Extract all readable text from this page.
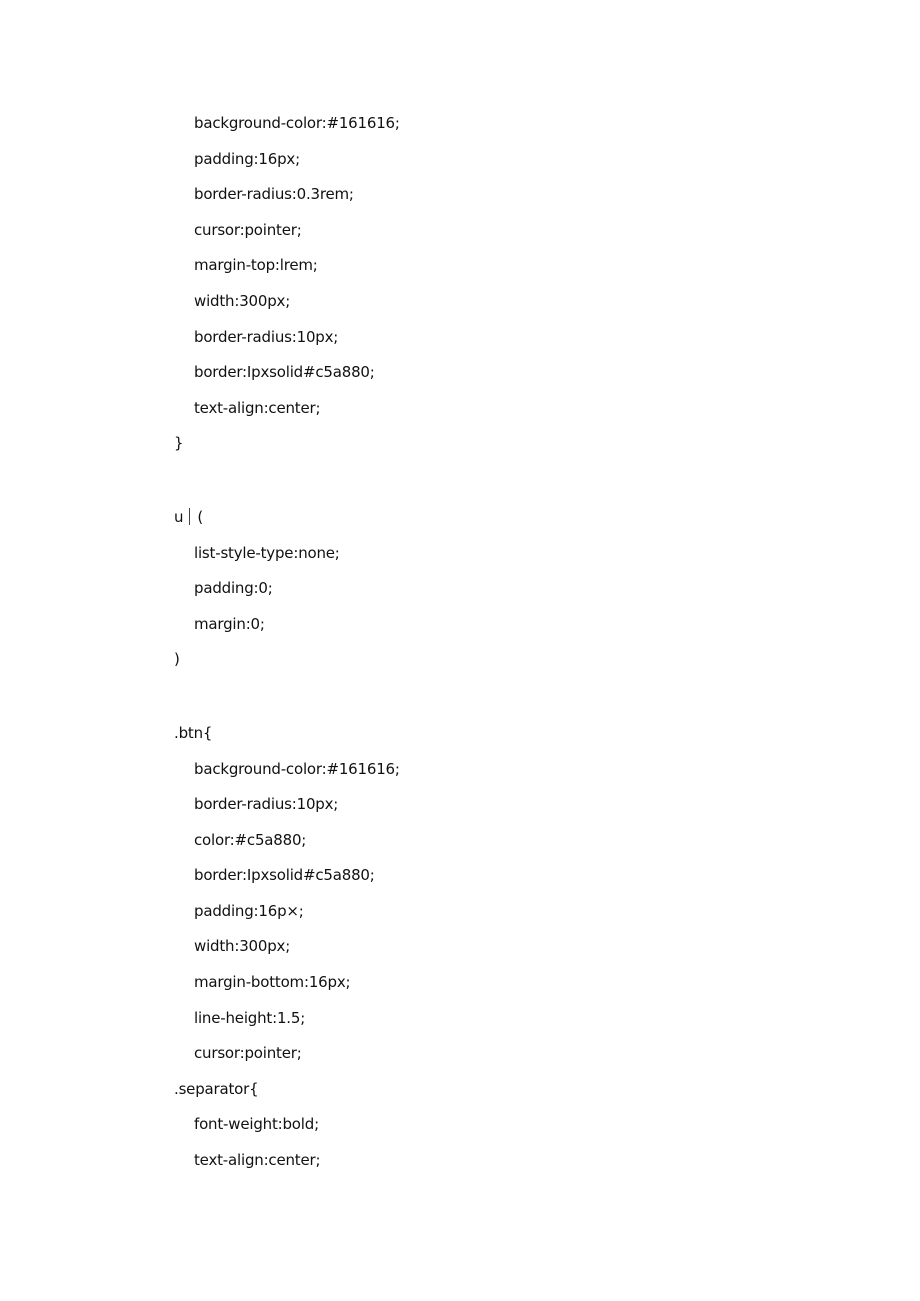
background-color:#161616;
padding:16px;
border-radius:0.3rem;
cursor:pointer;
margin-top:lrem;
width:300px;
border-radius:10px;
border:Ipxsolid#c5a880;
text-align:center;
}
u (
list-style-type:none;
padding:0;
margin:0;
)
.btn{
background-color:#161616;
border-radius:10px;
color:#c5a880;
border:Ipxsolid#c5a880;
padding:16p×;
width:300px;
margin-bottom:16px;
line-height:1.5;
cursor:pointer;
.separator{
font-weight:bold;
text-align:center;
